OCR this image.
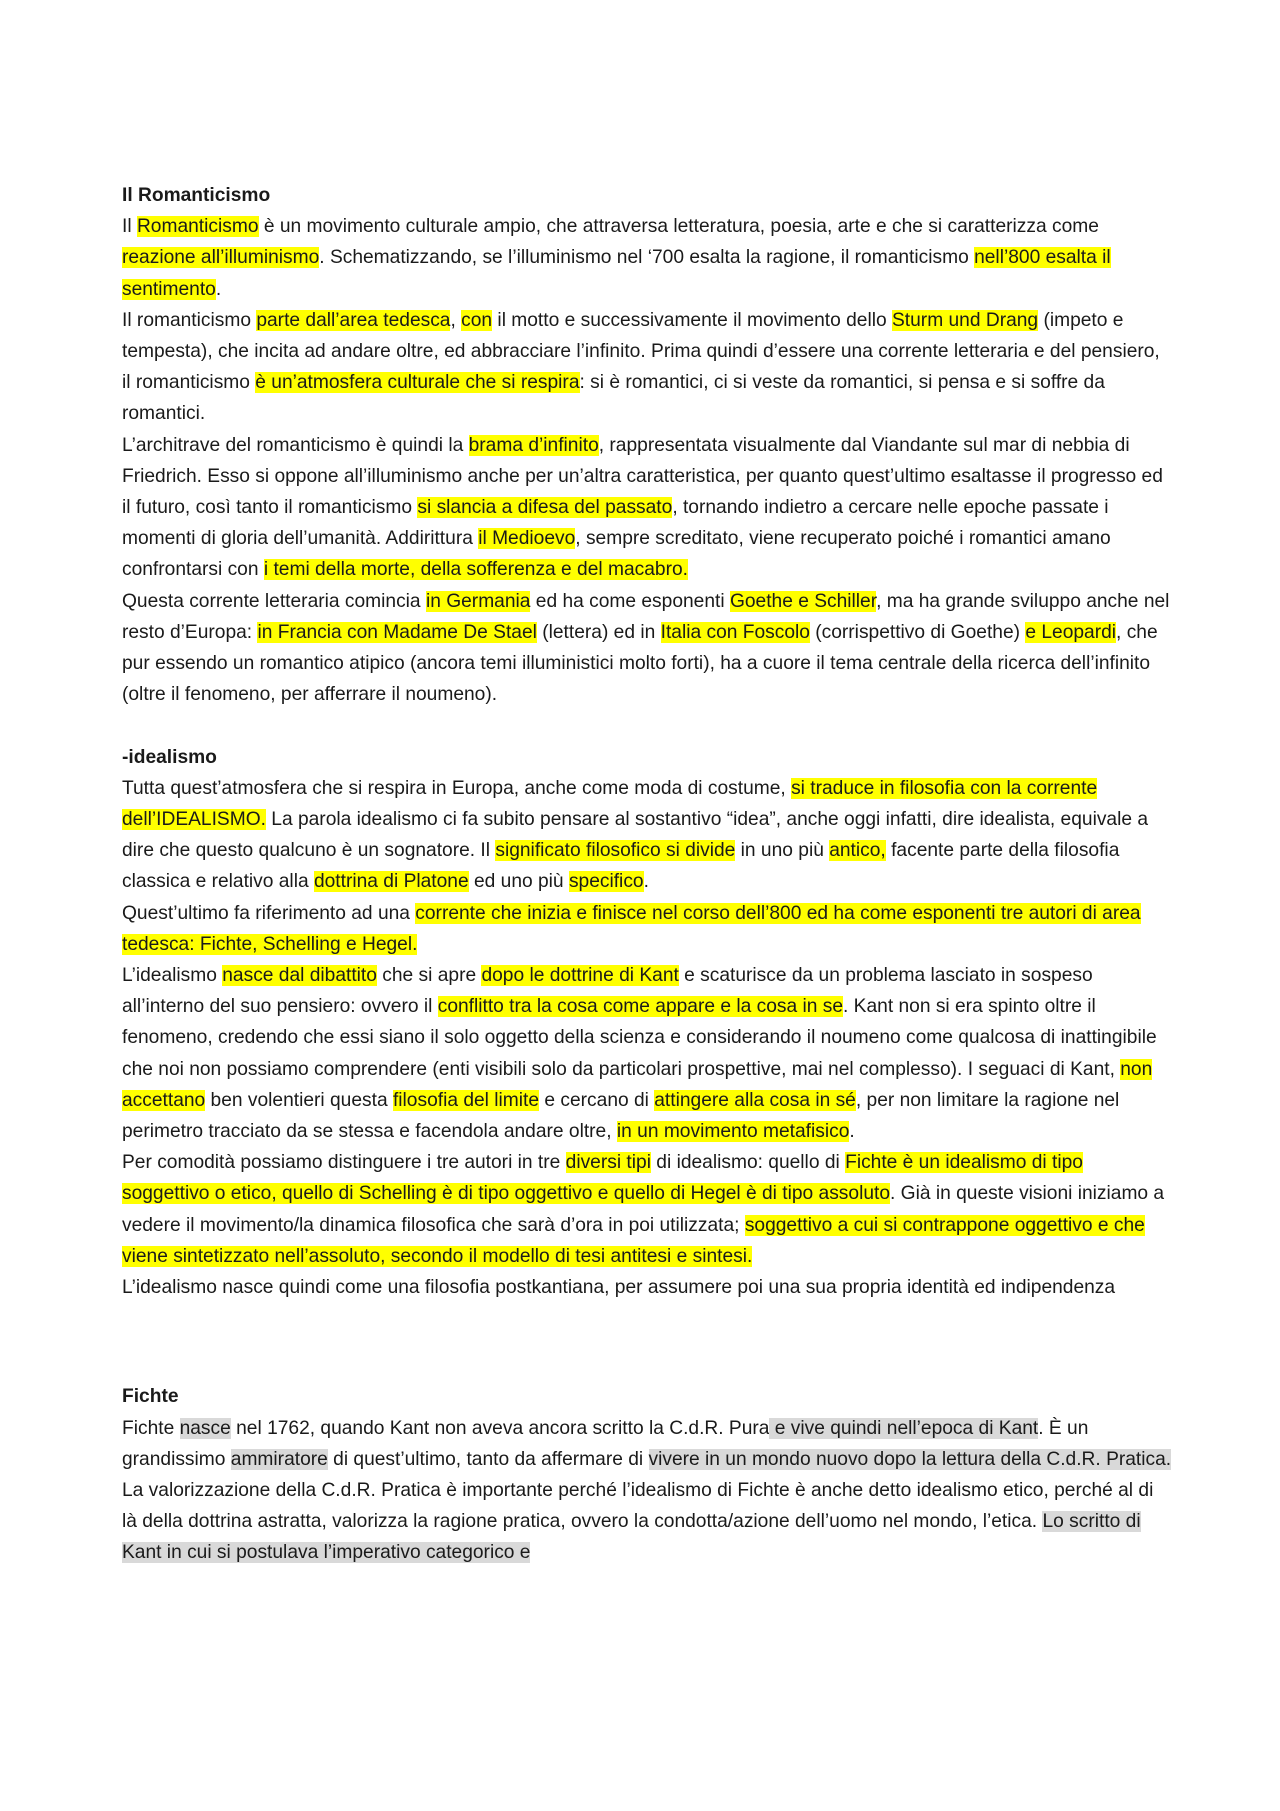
Il Romanticismo

Il Romanticismo è un movimento culturale ampio, che attraversa letteratura, poesia, arte e che si caratterizza come reazione all’illuminismo. Schematizzando, se l’illuminismo nel ‘700 esalta la ragione, il romanticismo nell’800 esalta il sentimento.

Il romanticismo parte dall’area tedesca, con il motto e successivamente il movimento dello Sturm und Drang (impeto e tempesta), che incita ad andare oltre, ed abbracciare l’infinito. Prima quindi d’essere una corrente letteraria e del pensiero, il romanticismo è un’atmosfera culturale che si respira: si è romantici, ci si veste da romantici, si pensa e si soffre da romantici.

L’architrave del romanticismo è quindi la brama d’infinito, rappresentata visualmente dal Viandante sul mar di nebbia di Friedrich. Esso si oppone all’illuminismo anche per un’altra caratteristica, per quanto quest’ultimo esaltasse il progresso ed il futuro, così tanto il romanticismo si slancia a difesa del passato, tornando indietro a cercare nelle epoche passate i momenti di gloria dell’umanità. Addirittura il Medioevo, sempre screditato, viene recuperato poiché i romantici amano confrontarsi con i temi della morte, della sofferenza e del macabro.

Questa corrente letteraria comincia in Germania ed ha come esponenti Goethe e Schiller, ma ha grande sviluppo anche nel resto d’Europa: in Francia con Madame De Stael (lettera) ed in Italia con Foscolo (corrispettivo di Goethe) e Leopardi, che pur essendo un romantico atipico (ancora temi illuministici molto forti), ha a cuore il tema centrale della ricerca dell’infinito (oltre il fenomeno, per afferrare il noumeno).

-idealismo

Tutta quest’atmosfera che si respira in Europa, anche come moda di costume, si traduce in filosofia con la corrente dell’IDEALISMO. La parola idealismo ci fa subito pensare al sostantivo “idea”, anche oggi infatti, dire idealista, equivale a dire che questo qualcuno è un sognatore. Il significato filosofico si divide in uno più antico, facente parte della filosofia classica e relativo alla dottrina di Platone ed uno più specifico.

Quest’ultimo fa riferimento ad una corrente che inizia e finisce nel corso dell’800 ed ha come esponenti tre autori di area tedesca: Fichte, Schelling e Hegel.

L’idealismo nasce dal dibattito che si apre dopo le dottrine di Kant e scaturisce da un problema lasciato in sospeso all’interno del suo pensiero: ovvero il conflitto tra la cosa come appare e la cosa in se. Kant non si era spinto oltre il fenomeno, credendo che essi siano il solo oggetto della scienza e considerando il noumeno come qualcosa di inattingibile che noi non possiamo comprendere (enti visibili solo da particolari prospettive, mai nel complesso). I seguaci di Kant, non accettano ben volentieri questa filosofia del limite e cercano di attingere alla cosa in sé, per non limitare la ragione nel perimetro tracciato da se stessa e facendola andare oltre, in un movimento metafisico.

Per comodità possiamo distinguere i tre autori in tre diversi tipi di idealismo: quello di Fichte è un idealismo di tipo soggettivo o etico, quello di Schelling è di tipo oggettivo e quello di Hegel è di tipo assoluto. Già in queste visioni iniziamo a vedere il movimento/la dinamica filosofica che sarà d’ora in poi utilizzata; soggettivo a cui si contrappone oggettivo e che viene sintetizzato nell’assoluto, secondo il modello di tesi antitesi e sintesi.

L’idealismo nasce quindi come una filosofia postkantiana, per assumere poi una sua propria identità ed indipendenza

Fichte

Fichte nasce nel 1762, quando Kant non aveva ancora scritto la C.d.R. Pura e vive quindi nell’epoca di Kant. È un grandissimo ammiratore di quest’ultimo, tanto da affermare di vivere in un mondo nuovo dopo la lettura della C.d.R. Pratica. La valorizzazione della C.d.R. Pratica è importante perché l’idealismo di Fichte è anche detto idealismo etico, perché al di là della dottrina astratta, valorizza la ragione pratica, ovvero la condotta/azione dell’uomo nel mondo, l’etica. Lo scritto di Kant in cui si postulava l’imperativo categorico e
